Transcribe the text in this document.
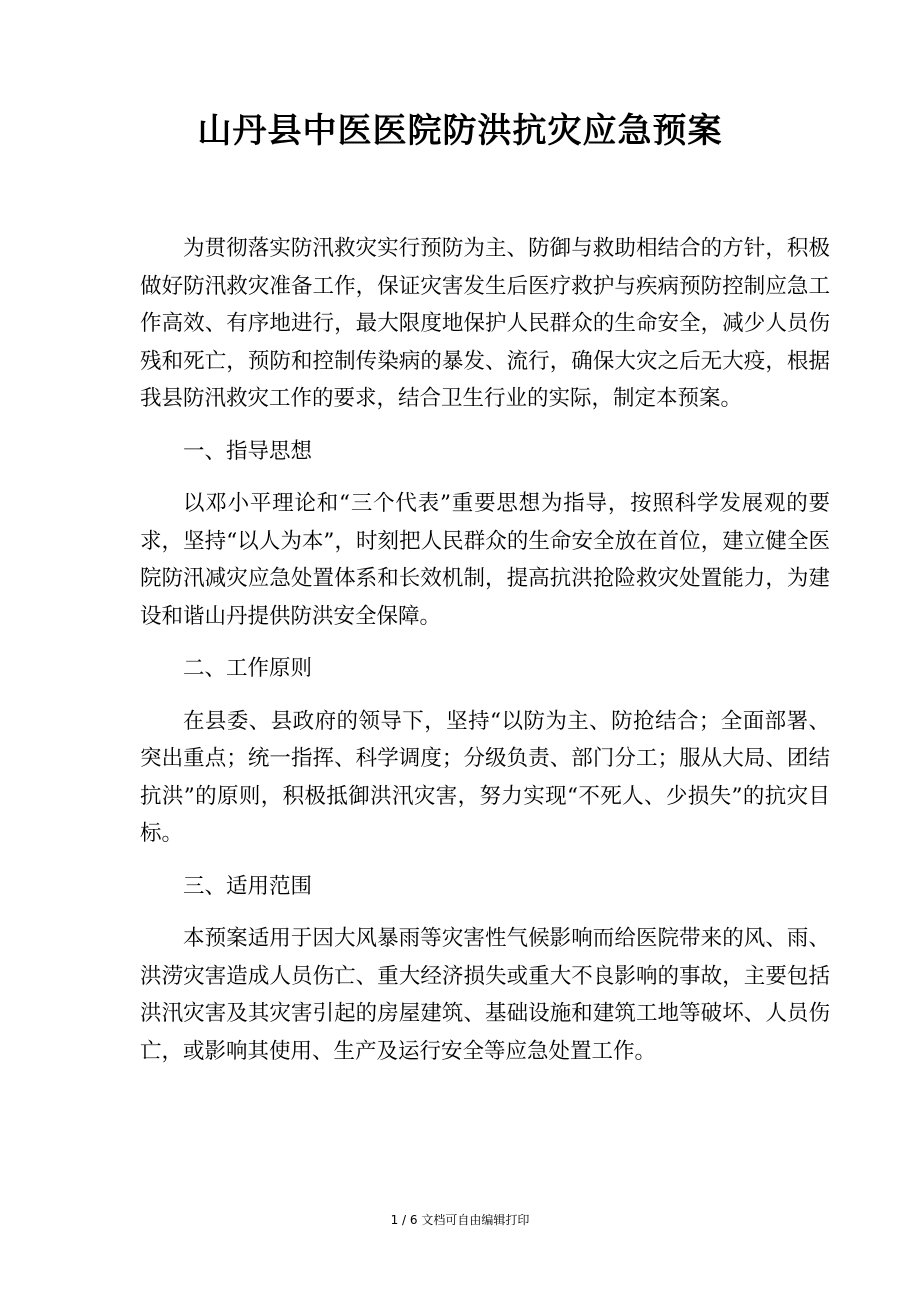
山丹县中医医院防洪抗灾应急预案

为贯彻落实防汛救灾实行预防为主、防御与救助相结合的方针，积极做好防汛救灾准备工作，保证灾害发生后医疗救护与疾病预防控制应急工作高效、有序地进行，最大限度地保护人民群众的生命安全，减少人员伤残和死亡，预防和控制传染病的暴发、流行，确保大灾之后无大疫，根据我县防汛救灾工作的要求，结合卫生行业的实际，制定本预案。

一、指导思想

以邓小平理论和“三个代表”重要思想为指导，按照科学发展观的要求，坚持“以人为本”，时刻把人民群众的生命安全放在首位，建立健全医院防汛减灾应急处置体系和长效机制，提高抗洪抢险救灾处置能力，为建设和谐山丹提供防洪安全保障。

二、工作原则

在县委、县政府的领导下，坚持“以防为主、防抢结合；全面部署、突出重点；统一指挥、科学调度；分级负责、部门分工；服从大局、团结抗洪”的原则，积极抵御洪汛灾害，努力实现“不死人、少损失”的抗灾目标。

三、适用范围

本预案适用于因大风暴雨等灾害性气候影响而给医院带来的风、雨、洪涝灾害造成人员伤亡、重大经济损失或重大不良影响的事故，主要包括洪汛灾害及其灾害引起的房屋建筑、基础设施和建筑工地等破坏、人员伤亡，或影响其使用、生产及运行安全等应急处置工作。

1 / 6 文档可自由编辑打印
